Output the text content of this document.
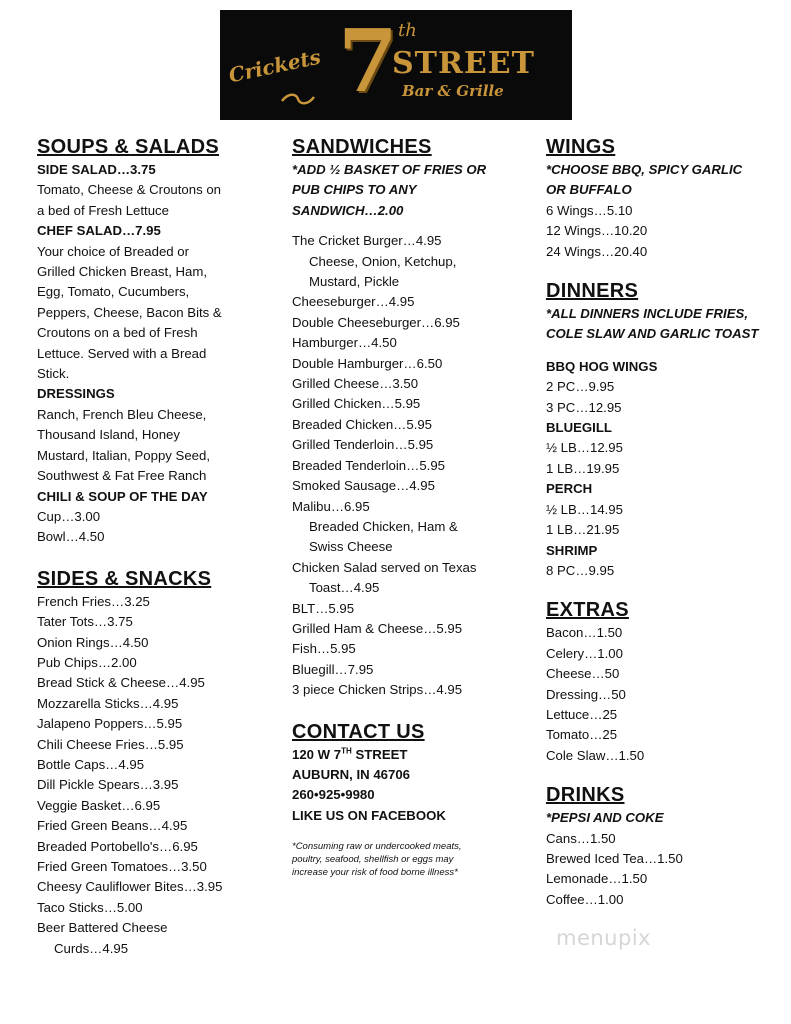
Crickets 7 th
STREET
Bar & Grille
SOUPS & SALADS
SIDE SALAD…3.75
Tomato, Cheese & Croutons on
a bed of Fresh Lettuce
CHEF SALAD…7.95
Your choice of Breaded or
Grilled Chicken Breast, Ham,
Egg, Tomato, Cucumbers,
Peppers, Cheese, Bacon Bits &
Croutons on a bed of Fresh
Lettuce. Served with a Bread
Stick.
DRESSINGS
Ranch, French Bleu Cheese,
Thousand Island, Honey
Mustard, Italian, Poppy Seed,
Southwest & Fat Free Ranch
CHILI & SOUP OF THE DAY
Cup…3.00
Bowl…4.50
SIDES & SNACKS
French Fries…3.25
Tater Tots…3.75
Onion Rings…4.50
Pub Chips…2.00
Bread Stick & Cheese…4.95
Mozzarella Sticks…4.95
Jalapeno Poppers…5.95
Chili Cheese Fries…5.95
Bottle Caps…4.95
Dill Pickle Spears…3.95
Veggie Basket…6.95
Fried Green Beans…4.95
Breaded Portobello's…6.95
Fried Green Tomatoes…3.50
Cheesy Cauliflower Bites…3.95
Taco Sticks…5.00
Beer Battered Cheese
Curds…4.95
SANDWICHES
*ADD ½ BASKET OF FRIES OR
PUB CHIPS TO ANY
SANDWICH…2.00
The Cricket Burger…4.95
Cheese, Onion, Ketchup,
Mustard, Pickle
Cheeseburger…4.95
Double Cheeseburger…6.95
Hamburger…4.50
Double Hamburger…6.50
Grilled Cheese…3.50
Grilled Chicken…5.95
Breaded Chicken…5.95
Grilled Tenderloin…5.95
Breaded Tenderloin…5.95
Smoked Sausage…4.95
Malibu…6.95
Breaded Chicken, Ham &
Swiss Cheese
Chicken Salad served on Texas
Toast…4.95
BLT…5.95
Grilled Ham & Cheese…5.95
Fish…5.95
Bluegill…7.95
3 piece Chicken Strips…4.95
CONTACT US
120 W 7TH STREET
AUBURN, IN 46706
260•925•9980
LIKE US ON FACEBOOK
*Consuming raw or undercooked meats,
poultry, seafood, shellfish or eggs may
increase your risk of food borne illness*
WINGS
*CHOOSE BBQ, SPICY GARLIC
OR BUFFALO
6 Wings…5.10
12 Wings…10.20
24 Wings…20.40
DINNERS
*ALL DINNERS INCLUDE FRIES,
COLE SLAW AND GARLIC TOAST
BBQ HOG WINGS
2 PC…9.95
3 PC…12.95
BLUEGILL
½ LB…12.95
1 LB…19.95
PERCH
½ LB…14.95
1 LB…21.95
SHRIMP
8 PC…9.95
EXTRAS
Bacon…1.50
Celery…1.00
Cheese…50
Dressing…50
Lettuce…25
Tomato…25
Cole Slaw…1.50
DRINKS
*PEPSI AND COKE
Cans…1.50
Brewed Iced Tea…1.50
Lemonade…1.50
Coffee…1.00
menupix
